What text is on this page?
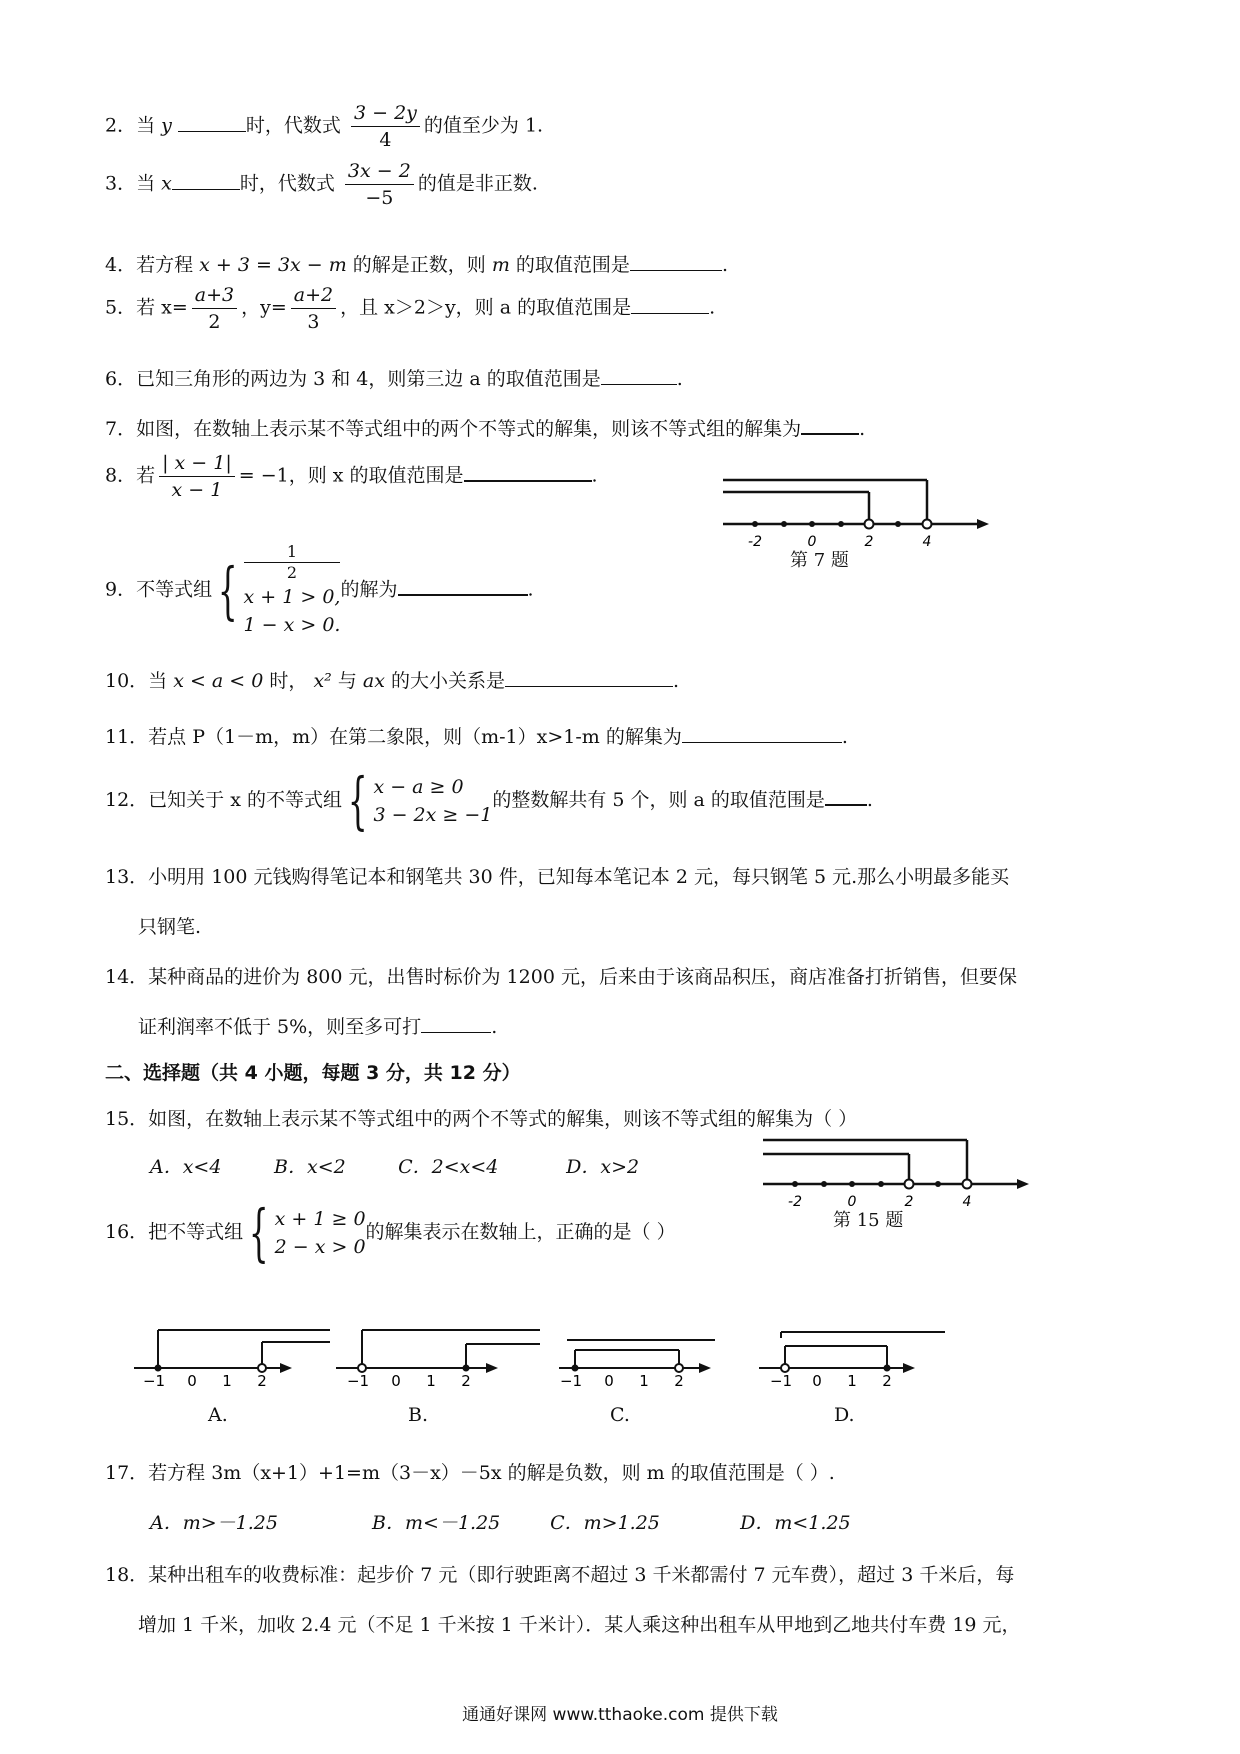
2．当 y	时，代数式 $\frac{3 - 2y}{4}$ 的值至少为 1.
3．当 x	时，代数式 $\frac{3x - 2}{-5}$ 的值是非正数.
4．若方程 x + 3 = 3x − m 的解是正数，则 m 的取值范围是	.
5．若 $x= \frac{a+3}{2}$ ，$y= \frac{a+2}{3}$ ，且 x＞2＞y，则 a 的取值范围是	.
6．已知三角形的两边为 3 和 4，则第三边 a 的取值范围是	.
7．如图，在数轴上表示某不等式组中的两个不等式的解集，则该不等式组的解集为	.
8．若 $\frac{| x - 1|}{x - 1} = -1$，则 x 的取值范围是	.
-2	0	2	4
第 7 题
9．不等式组{
1
2
x + 1 > 0,
1 − x > 0.
的解为	.
10．当 x < a < 0 时， x² 与 ax 的大小关系是	.
11．若点 P（1－m，m）在第二象限，则（m-1）x>1-m 的解集为	.
12．已知关于 x 的不等式组{ x − a ≥ 0
3 − 2x ≥ −1
的整数解共有 5 个，则 a 的取值范围是 .
13．小明用 100 元钱购得笔记本和钢笔共 30 件，已知每本笔记本 2 元，每只钢笔 5 元.那么小明最多能买
只钢笔.
14．某种商品的进价为 800 元，出售时标价为 1200 元，后来由于该商品积压，商店准备打折销售，但要保
证利润率不低于 5%，则至多可打	.
二、选择题（共 4 小题，每题 3 分，共 12 分）
15．如图，在数轴上表示某不等式组中的两个不等式的解集，则该不等式组的解集为（ ）
A．x<4	B．x<2	C．2<x<4	D．x>2
-2	0	2	4
第 15 题
16．把不等式组{ x + 1 ≥ 0
2 − x > 0
的解集表示在数轴上，正确的是（ ）
−1 0 1 2	−1 0 1 2	−1 0 1 2	−1 0 1 2
A.	B.	C.	D.
17．若方程 3m（x+1）+1=m（3－x）－5x 的解是负数，则 m 的取值范围是（ ）.
A．m>－1.25	B．m<－1.25	C．m>1.25	D．m<1.25
18．某种出租车的收费标准：起步价 7 元（即行驶距离不超过 3 千米都需付 7 元车费），超过 3 千米后，每
增加 1 千米，加收 2.4 元（不足 1 千米按 1 千米计）．某人乘这种出租车从甲地到乙地共付车费 19 元，
通通好课网 www.tthaoke.com 提供下载
